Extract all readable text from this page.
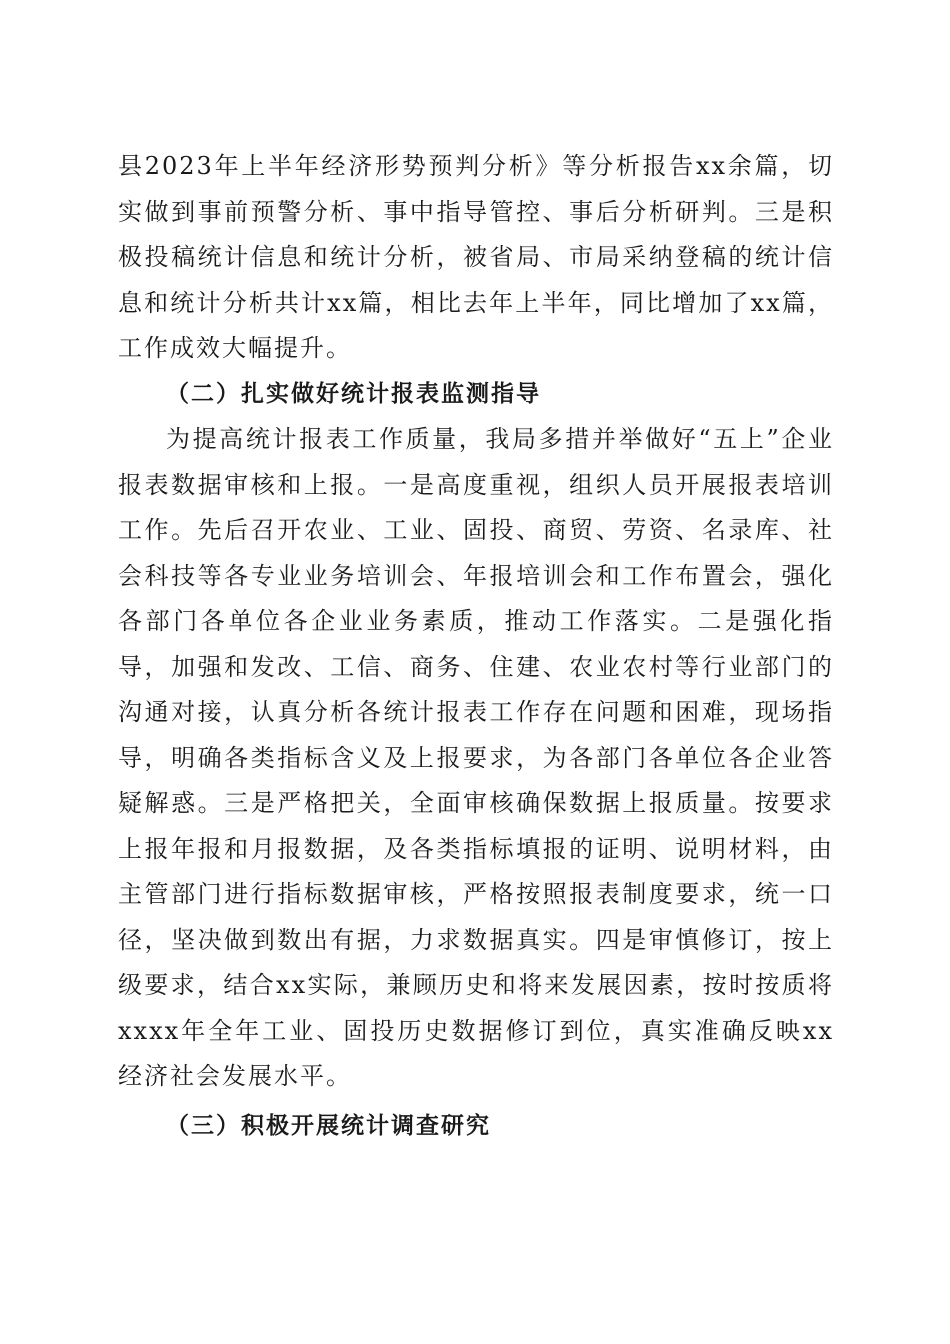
县2023年上半年经济形势预判分析》等分析报告xx余篇，切实做到事前预警分析、事中指导管控、事后分析研判。三是积极投稿统计信息和统计分析，被省局、市局采纳登稿的统计信息和统计分析共计xx篇，相比去年上半年，同比增加了xx篇，工作成效大幅提升。

（二）扎实做好统计报表监测指导

为提高统计报表工作质量，我局多措并举做好“五上”企业报表数据审核和上报。一是高度重视，组织人员开展报表培训工作。先后召开农业、工业、固投、商贸、劳资、名录库、社会科技等各专业业务培训会、年报培训会和工作布置会，强化各部门各单位各企业业务素质，推动工作落实。二是强化指导，加强和发改、工信、商务、住建、农业农村等行业部门的沟通对接，认真分析各统计报表工作存在问题和困难，现场指导，明确各类指标含义及上报要求，为各部门各单位各企业答疑解惑。三是严格把关，全面审核确保数据上报质量。按要求上报年报和月报数据，及各类指标填报的证明、说明材料，由主管部门进行指标数据审核，严格按照报表制度要求，统一口径，坚决做到数出有据，力求数据真实。四是审慎修订，按上级要求，结合xx实际，兼顾历史和将来发展因素，按时按质将xxxx年全年工业、固投历史数据修订到位，真实准确反映xx经济社会发展水平。

（三）积极开展统计调查研究
